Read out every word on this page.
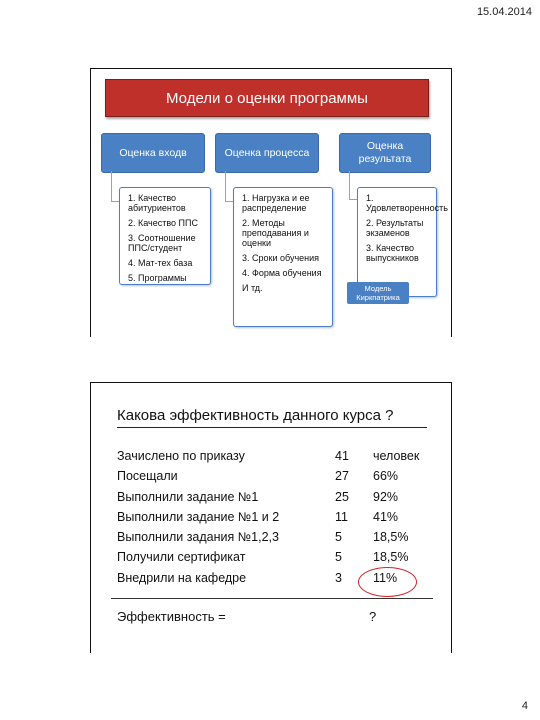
15.04.2014
Модели о оценки программы
Оценка входв	Оценка процесса
Оценка результата
1. Качество абитуриентов
2. Качество ППС
3. Соотношение ППС/студент
4. Мат-тех база
5. Программы
1. Нагрузка и ее распределение
2. Методы преподавания и оценки
3. Сроки обучения
4. Форма обучения
И тд.
1. Удовлетворенность
2. Результаты экзаменов
3. Качество выпускников
Модель Киркпатрика
Какова эффективность данного курса ?
Зачислено по приказу	41 человек
Посещали	27 66%
Выполнили задание №1	25 92%
Выполнили задание №1 и 2	11 41%
Выполнили задания №1,2,3	5 18,5%
Получили сертификат	5 18,5%
Внедрили на кафедре	3 11%
Эффективность =	?
4
